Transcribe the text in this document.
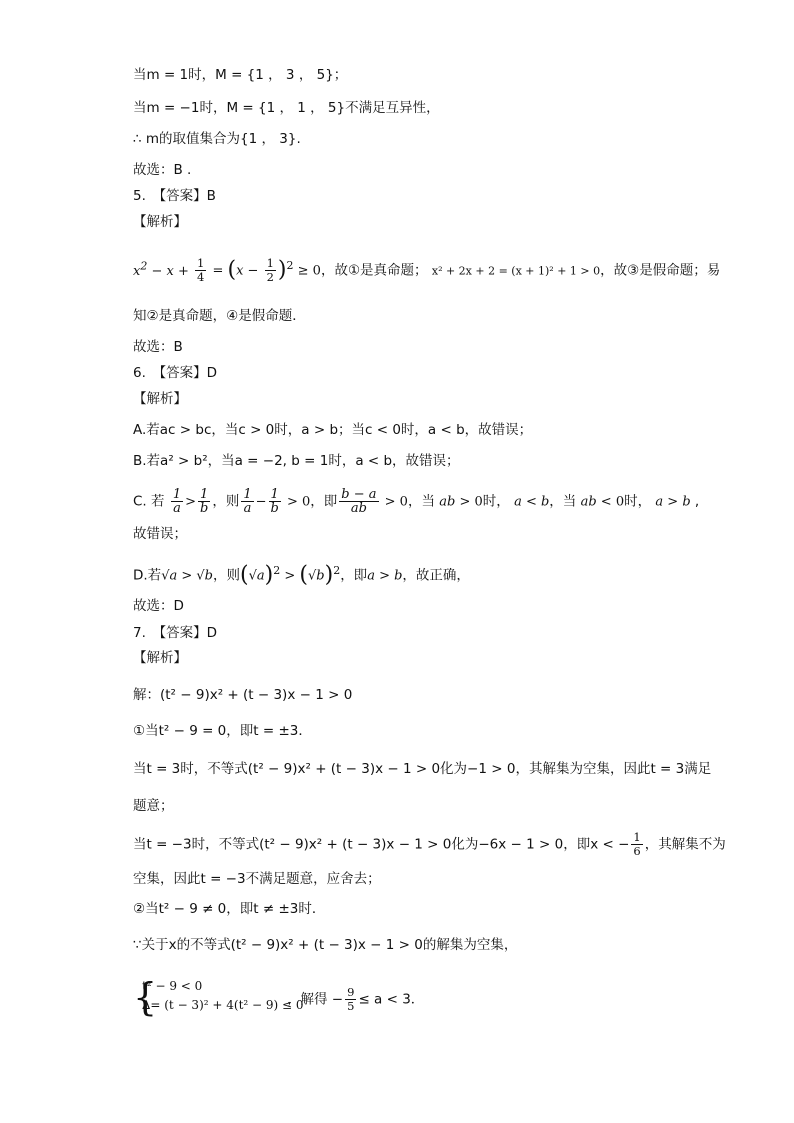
当m = 1时，M = {1 ， 3 ， 5}；
当m = −1时，M = {1 ， 1 ， 5}不满足互异性，
∴ m的取值集合为{1 ， 3}.
故选：B .
5.　【答案】B
【解析】
$x^2 - x + \frac{1}{4} = (x - \frac{1}{2} )^2 \ge 0$，故①是真命题； x² + 2x + 2 = (x + 1)² + 1 > 0，故③是假命题；易
知②是真命题，④是假命题．
故选：B
6.　【答案】D
【解析】
A.若ac > bc，当c > 0时，a > b；当c < 0时，a < b，故错误；
B.若a² > b²，当a = −2, b = 1时，a < b，故错误；
C. 若 $\frac{1}{a} > \frac{1}{b}$ ，则 $\frac{1}{a} - \frac{1}{b} > 0$，即 $\frac{b - a}{ab} > 0$，当 ab > 0时， a < b，当 ab < 0时， a > b ,
故错误；
D.若√a > √b，则$(√a)^2 > (√b)^2$，即a > b，故正确，
故选：D
7.　【答案】D
【解析】
解：(t² − 9)x² + (t − 3)x − 1 > 0
①当t² − 9 = 0，即t = ±3．
当t = 3时，不等式(t² − 9)x² + (t − 3)x − 1 > 0化为−1 > 0，其解集为空集，因此t = 3满足
题意；
当t = −3时，不等式(t² − 9)x² + (t − 3)x − 1 > 0化为−6x − 1 > 0，即x < − $\frac{1}{6}$ ，其解集不为
空集，因此t = −3不满足题意，应舍去；
②当t² − 9 ≠ 0，即t ≠ ±3时．
∵关于x的不等式(t² − 9)x² + (t − 3)x − 1 > 0的解集为空集，
{
t² − 9 < 0
∆= (t − 3)² + 4(t² − 9) ≤ 0
，解得 − $\frac{9}{5} \le a < 3$．
